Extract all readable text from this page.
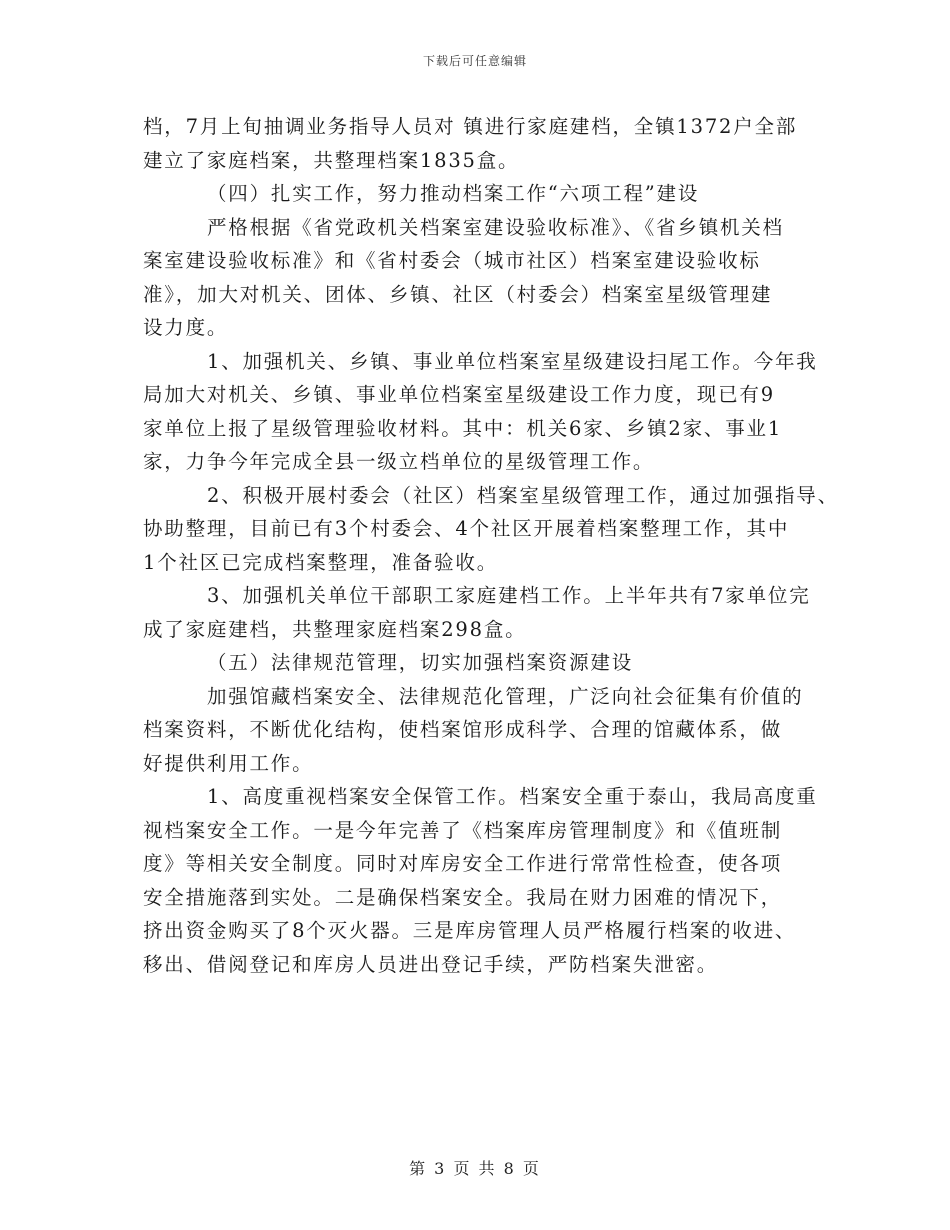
下载后可任意编辑
档，7月上旬抽调业务指导人员对 镇进行家庭建档，全镇1372户全部
建立了家庭档案，共整理档案1835盒。
（四）扎实工作，努力推动档案工作“六项工程”建设
严格根据《省党政机关档案室建设验收标准》、《省乡镇机关档
案室建设验收标准》和《省村委会（城市社区）档案室建设验收标
准》，加大对机关、团体、乡镇、社区（村委会）档案室星级管理建
设力度。
1、加强机关、乡镇、事业单位档案室星级建设扫尾工作。今年我
局加大对机关、乡镇、事业单位档案室星级建设工作力度，现已有9
家单位上报了星级管理验收材料。其中：机关6家、乡镇2家、事业1
家，力争今年完成全县一级立档单位的星级管理工作。
2、积极开展村委会（社区）档案室星级管理工作，通过加强指导、
协助整理，目前已有3个村委会、4个社区开展着档案整理工作，其中
1个社区已完成档案整理，准备验收。
3、加强机关单位干部职工家庭建档工作。上半年共有7家单位完
成了家庭建档，共整理家庭档案298盒。
（五）法律规范管理，切实加强档案资源建设
加强馆藏档案安全、法律规范化管理，广泛向社会征集有价值的
档案资料，不断优化结构，使档案馆形成科学、合理的馆藏体系，做
好提供利用工作。
1、高度重视档案安全保管工作。档案安全重于泰山，我局高度重
视档案安全工作。一是今年完善了《档案库房管理制度》和《值班制
度》等相关安全制度。同时对库房安全工作进行常常性检查，使各项
安全措施落到实处。二是确保档案安全。我局在财力困难的情况下，
挤出资金购买了8个灭火器。三是库房管理人员严格履行档案的收进、
移出、借阅登记和库房人员进出登记手续，严防档案失泄密。
第 3 页 共 8 页
